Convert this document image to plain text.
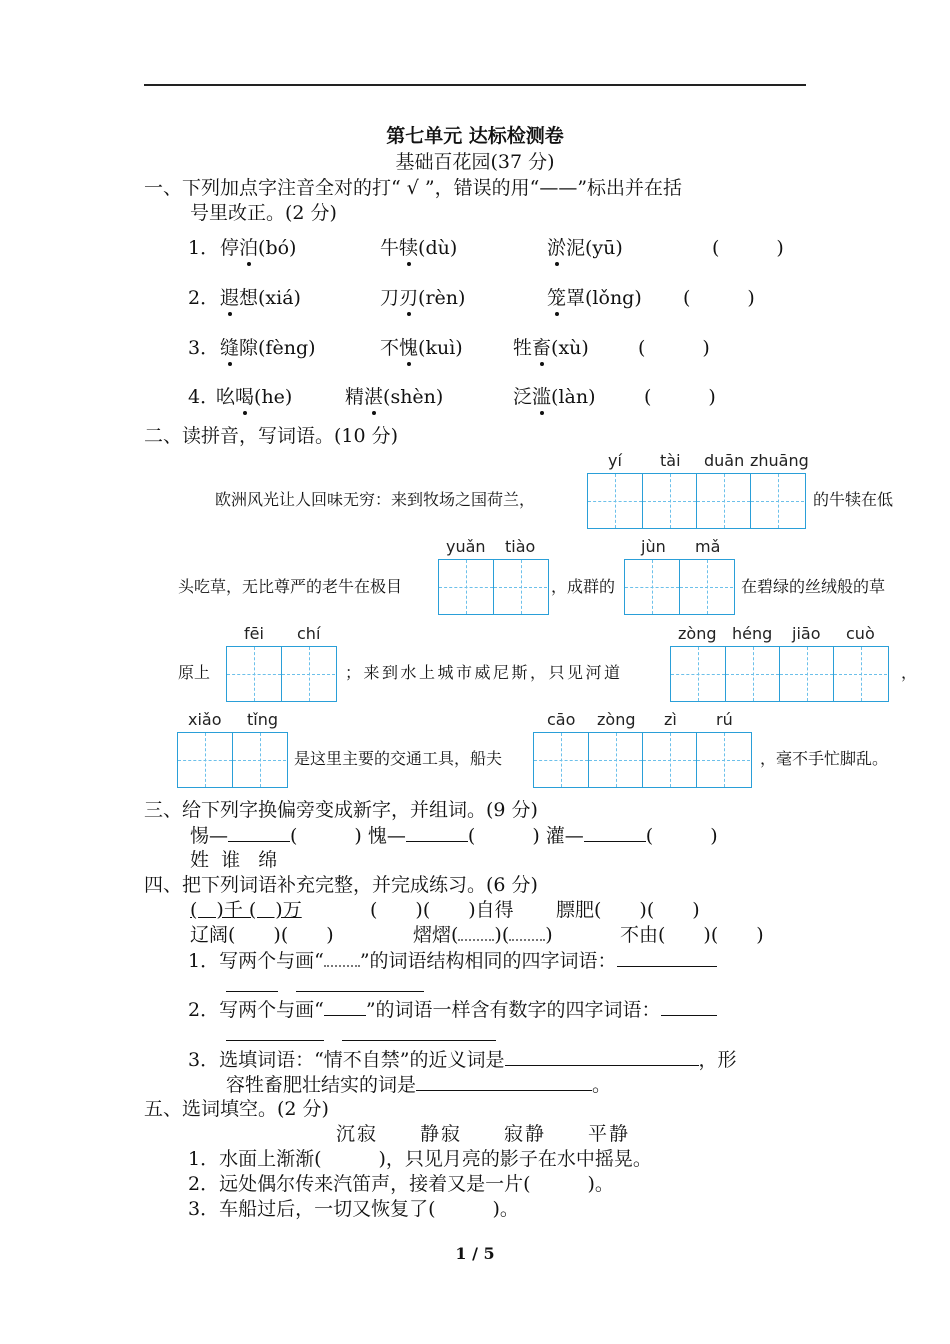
第七单元 达标检测卷
基础百花园(37 分)
一、下列加点字注音全对的打“ √ ”，错误的用“——”标出并在括
号里改正。(2 分)
1． 停泊(bó)	牛犊(dù)	淤泥(yū)	(　　　)
2． 遐想(xiá)	刀刃(rèn)	笼罩(lǒng) (　　　)
3． 缝隙(fèng)	不愧(kuì)	牲畜(xù)	(　　　)
4．
吆喝(he)	精湛(shèn)	泛滥(làn)	(　　　)
二、读拼音，写词语。(10 分)
欧洲风光让人回味无穷：来到牧场之国荷兰，
yí tài duān zhuāng
的牛犊在低
头吃草，无比尊严的老牛在极目
yuǎn tiào
，成群的
jùn mǎ
在碧绿的丝绒般的草
原上
fēi chí
；来到水上城市威尼斯，只见河道
zòng héng jiāo cuò
，
xiǎo tǐng
是这里主要的交通工具，船夫
cāo zòng zì rú
，毫不手忙脚乱。
三、给下列字换偏旁变成新字，并组词。(9 分)
惕—	(　　　) 愧—	(　　　) 灌—	(　　　)
姓  谁   绵
四、把下列词语补充完整，并完成练习。(6 分)
(　)千 (　)万	(　　)(　　)自得 膘肥(　　)(　　)
辽阔(　　)(　　)	熠熠( )( )	不由(　　)(　　)
1．写两个与画“ ”的词语结构相同的四字词语：

2．写两个与画“ ”的词语一样含有数字的四字词语：

3．选填词语：“情不自禁”的近义词是	，形
容牲畜肥壮结实的词是	。
五、选词填空。(2 分)
沉寂　　静寂　　寂静　　平静
1．水面上渐渐(　　　)，只见月亮的影子在水中摇晃。
2．远处偶尔传来汽笛声，接着又是一片(　　　)。
3．车船过后，一切又恢复了(　　　)。
1 / 5
